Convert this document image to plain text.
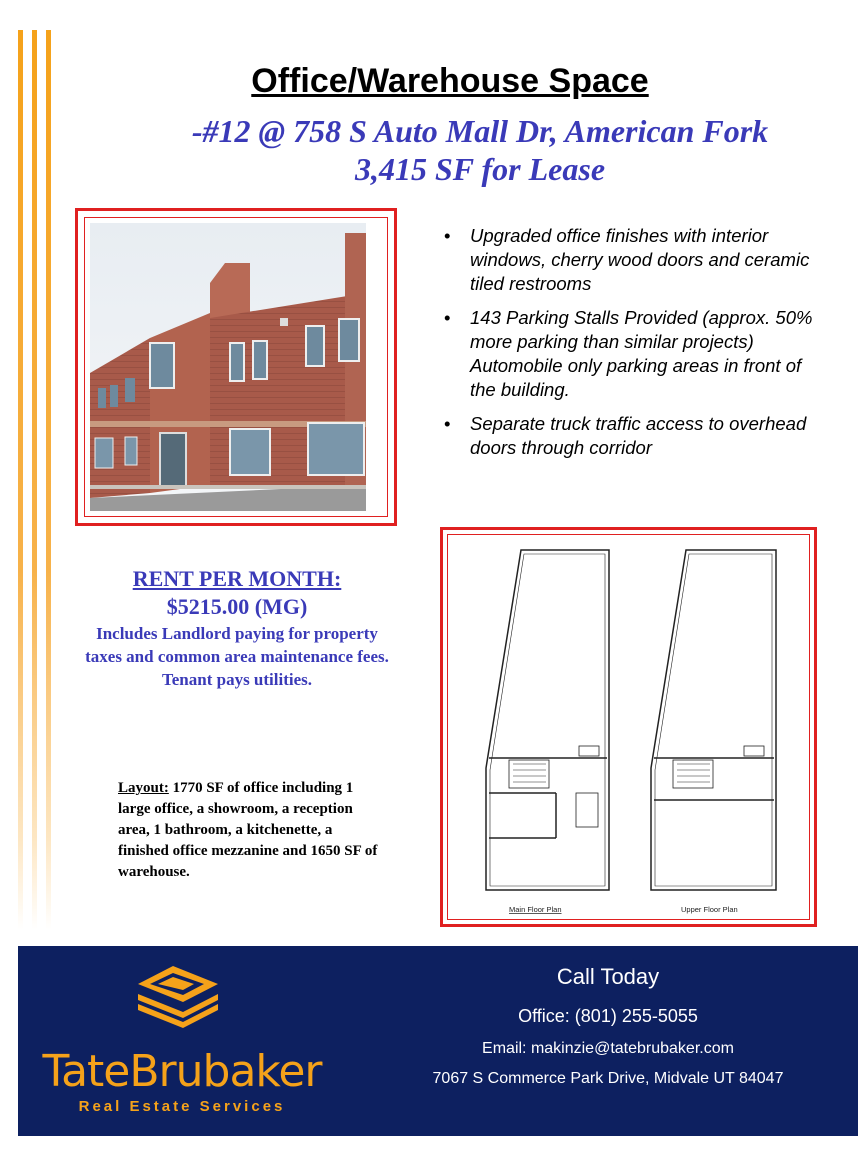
Office/Warehouse Space
-#12 @ 758 S Auto Mall Dr, American Fork
3,415 SF for Lease
• Upgraded office finishes with interior windows, cherry wood doors and ceramic tiled restrooms
• 143 Parking Stalls Provided (approx. 50% more parking than similar projects) Automobile only parking areas in front of the building.
• Separate truck traffic access to overhead doors through corridor
RENT PER MONTH:
$5215.00 (MG)
Includes Landlord paying for property taxes and common area maintenance fees. Tenant pays utilities.
Layout: 1770 SF of office including 1 large office, a showroom, a reception area, 1 bathroom, a kitchenette, a finished office mezzanine and 1650 SF of warehouse.
Main Floor Plan	Upper Floor Plan
TateBrubaker
Real Estate Services
Call Today
Office: (801) 255-5055
Email: makinzie@tatebrubaker.com
7067 S Commerce Park Drive, Midvale UT 84047
